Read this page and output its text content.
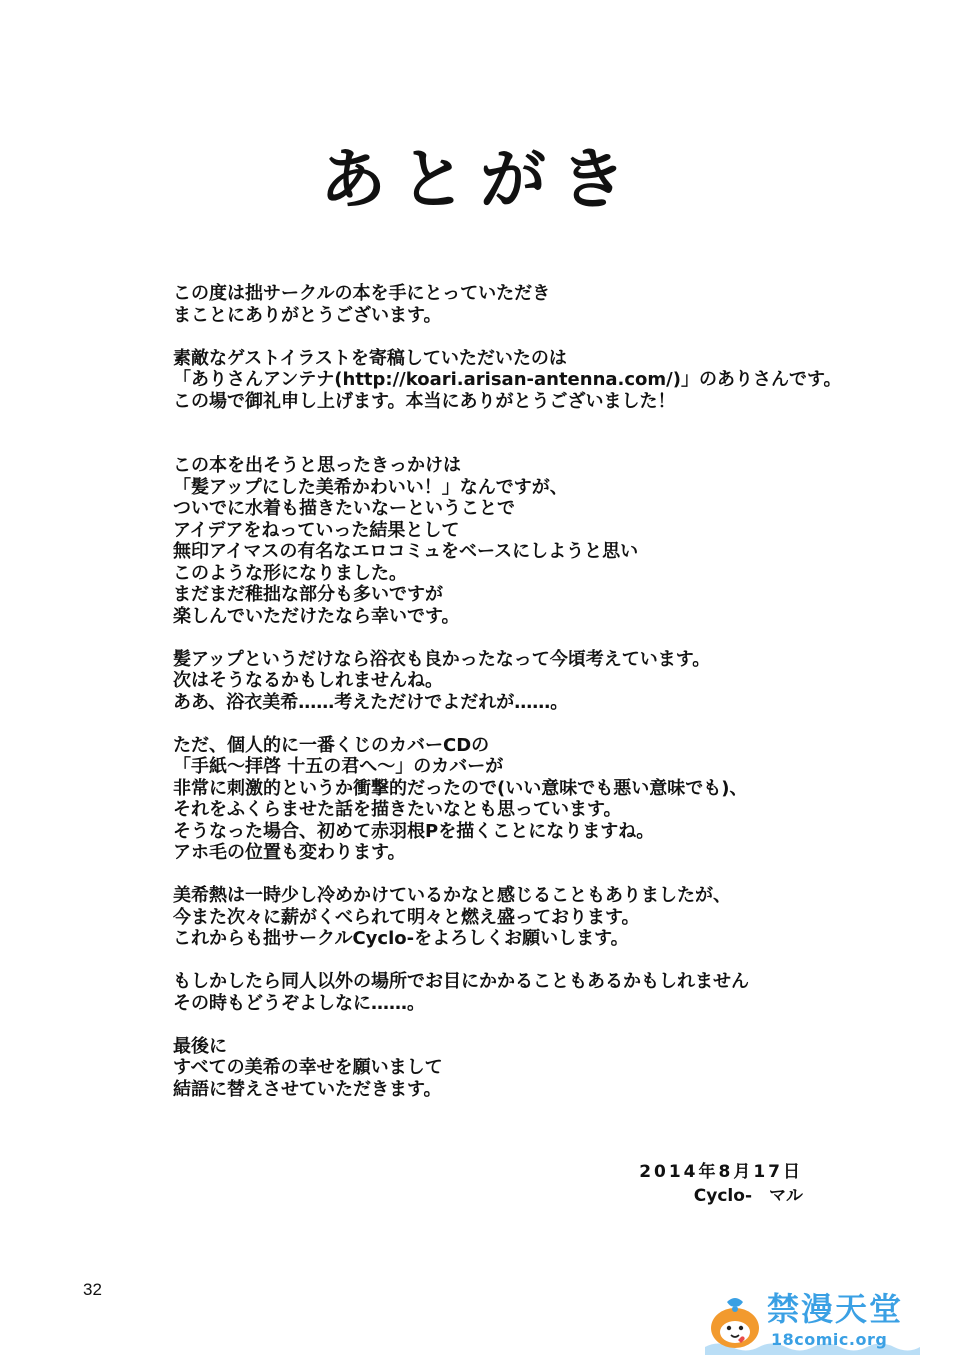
あとがき

この度は拙サークルの本を手にとっていただき
まことにありがとうございます。

素敵なゲストイラストを寄稿していただいたのは
「ありさんアンテナ(http://koari.arisan-antenna.com/)」のありさんです。
この場で御礼申し上げます。本当にありがとうございました！

この本を出そうと思ったきっかけは
「髪アップにした美希かわいい！」なんですが、
ついでに水着も描きたいなーということで
アイデアをねっていった結果として
無印アイマスの有名なエロコミュをベースにしようと思い
このような形になりました。
まだまだ稚拙な部分も多いですが
楽しんでいただけたなら幸いです。

髪アップというだけなら浴衣も良かったなって今頃考えています。
次はそうなるかもしれませんね。
ああ、浴衣美希……考えただけでよだれが……。

ただ、個人的に一番くじのカバーCDの
「手紙～拝啓 十五の君へ～」のカバーが
非常に刺激的というか衝撃的だったので(いい意味でも悪い意味でも)、
それをふくらませた話を描きたいなとも思っています。
そうなった場合、初めて赤羽根Pを描くことになりますね。
アホ毛の位置も変わります。

美希熱は一時少し冷めかけているかなと感じることもありましたが、
今また次々に薪がくべられて明々と燃え盛っております。
これからも拙サークルCyclo-をよろしくお願いします。

もしかしたら同人以外の場所でお目にかかることもあるかもしれません
その時もどうぞよしなに……。

最後に
すべての美希の幸せを願いまして
結語に替えさせていただきます。

2014年8月17日
Cyclo-　マル
32
禁漫天堂
18comic.org
